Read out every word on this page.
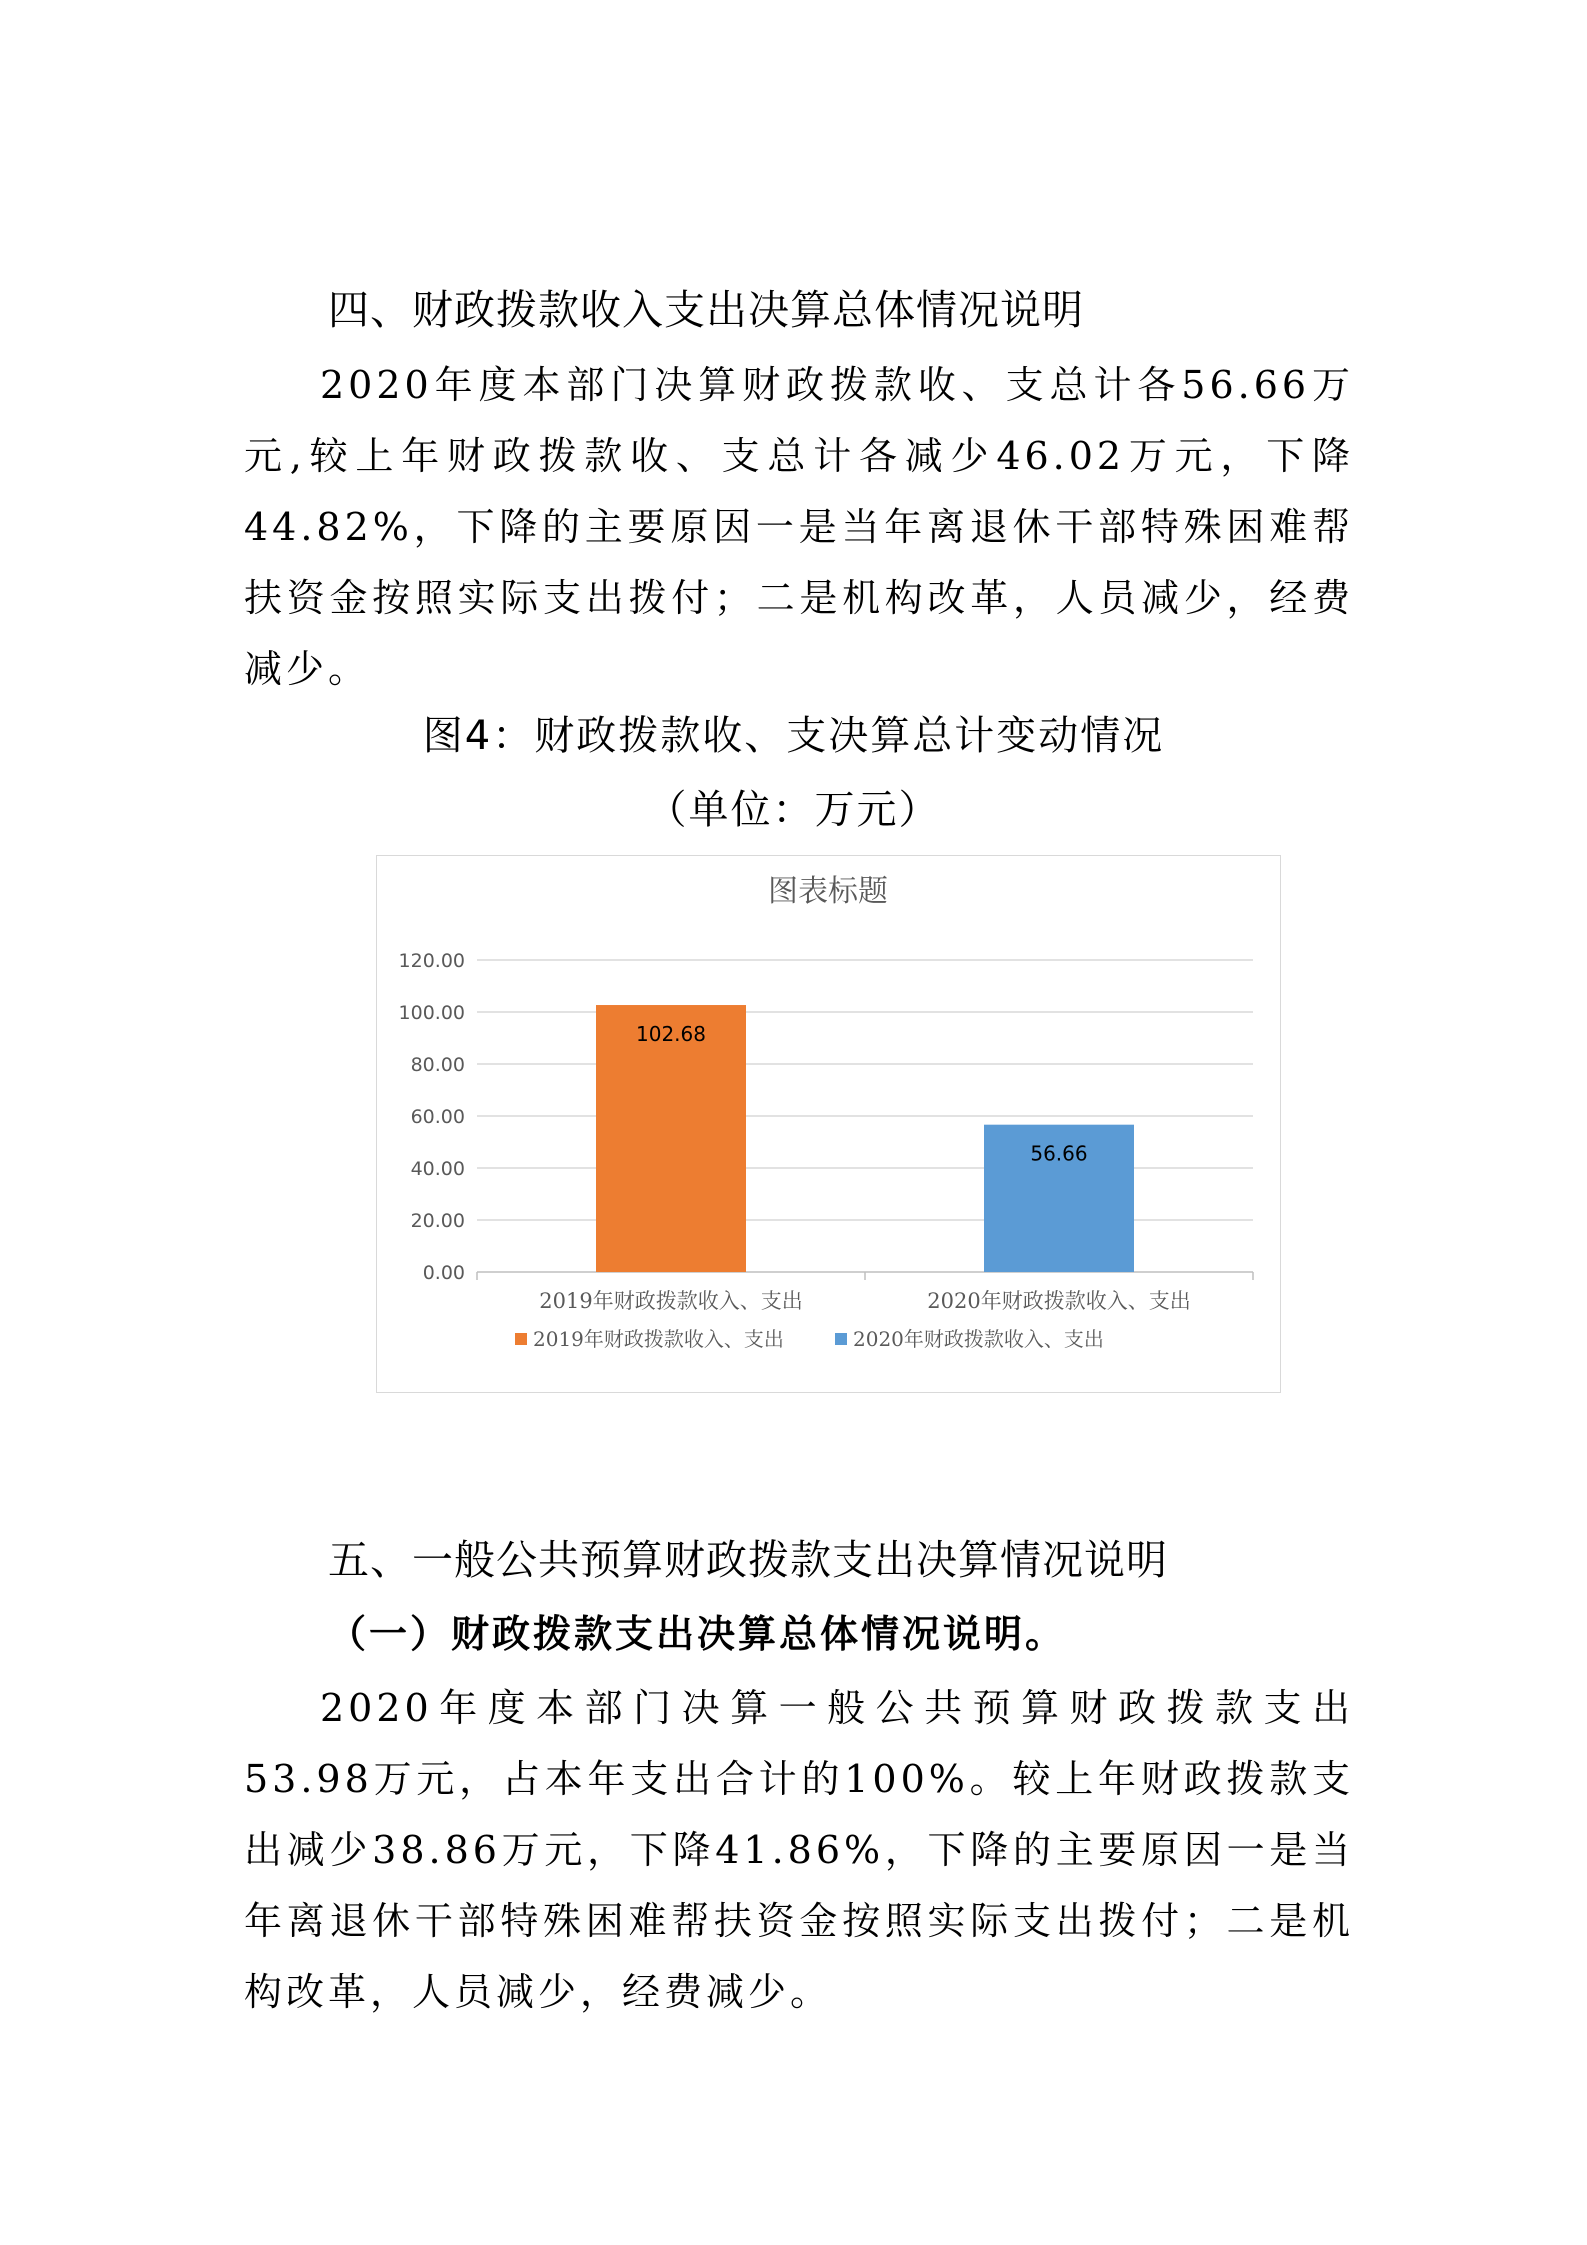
四、财政拨款收入支出决算总体情况说明

2020年度本部门决算财政拨款收、支总计各56.66万元,较上年财政拨款收、支总计各减少46.02万元，下降44.82%，下降的主要原因一是当年离退休干部特殊困难帮扶资金按照实际支出拨付；二是机构改革，人员减少，经费减少。

图4：财政拨款收、支决算总计变动情况
（单位：万元）
图表标题
0.00
20.00
40.00
60.00
80.00
100.00
120.00
102.68
56.66
2019年财政拨款收入、支出	2020年财政拨款收入、支出
2019年财政拨款收入、支出	2020年财政拨款收入、支出
五、一般公共预算财政拨款支出决算情况说明
（一）财政拨款支出决算总体情况说明。

2020年度本部门决算一般公共预算财政拨款支出53.98万元，占本年支出合计的100%。较上年财政拨款支出减少38.86万元，下降41.86%，下降的主要原因一是当年离退休干部特殊困难帮扶资金按照实际支出拨付；二是机构改革，人员减少，经费减少。
